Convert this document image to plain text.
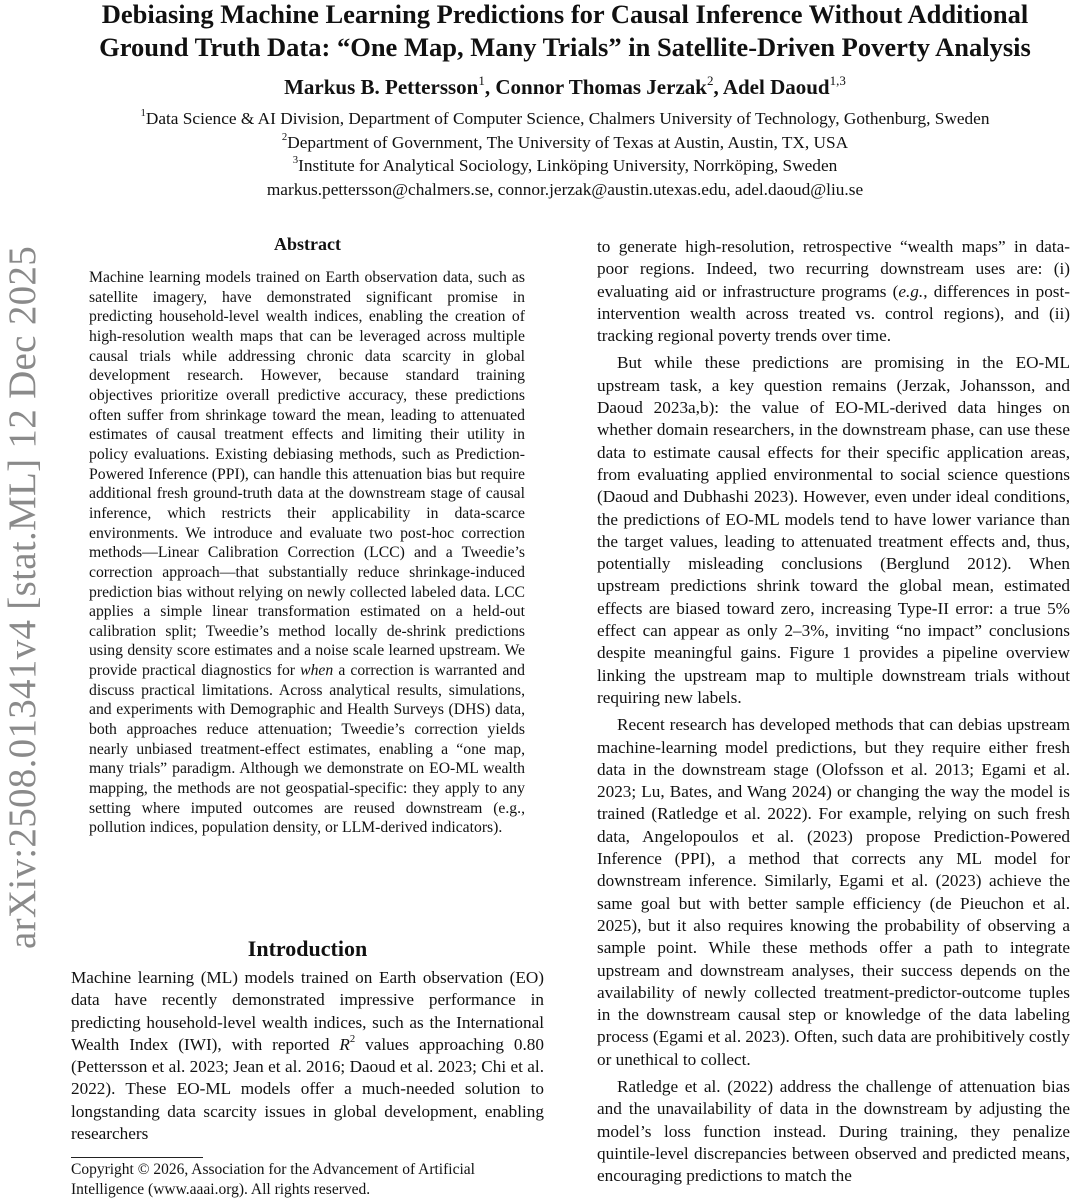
arXiv:2508.01341v4 [stat.ML] 12 Dec 2025
Debiasing Machine Learning Predictions for Causal Inference Without Additional
Ground Truth Data: “One Map, Many Trials” in Satellite-Driven Poverty Analysis
Markus B. Pettersson$^1$, Connor Thomas Jerzak$^2$, Adel Daoud$^{1,3}$
$^1$Data Science & AI Division, Department of Computer Science, Chalmers University of Technology, Gothenburg, Sweden
$^2$Department of Government, The University of Texas at Austin, Austin, TX, USA
$^3$Institute for Analytical Sociology, Linköping University, Norrköping, Sweden
markus.pettersson@chalmers.se, connor.jerzak@austin.utexas.edu, adel.daoud@liu.se
Abstract
Machine learning models trained on Earth observation data, such as satellite imagery, have demonstrated significant promise in predicting household-level wealth indices, enabling the creation of high-resolution wealth maps that can be leveraged across multiple causal trials while addressing chronic data scarcity in global development research. However, because standard training objectives prioritize overall predictive accuracy, these predictions often suffer from shrinkage toward the mean, leading to attenuated estimates of causal treatment effects and limiting their utility in policy evaluations. Existing debiasing methods, such as Prediction-Powered Inference (PPI), can handle this attenuation bias but require additional fresh ground-truth data at the downstream stage of causal inference, which restricts their applicability in data-scarce environments. We introduce and evaluate two post-hoc correction methods—Linear Calibration Correction (LCC) and a Tweedie’s correction approach—that substantially reduce shrinkage-induced prediction bias without relying on newly collected labeled data. LCC applies a simple linear transformation estimated on a held-out calibration split; Tweedie’s method locally de-shrink predictions using density score estimates and a noise scale learned upstream. We provide practical diagnostics for when a correction is warranted and discuss practical limitations. Across analytical results, simulations, and experiments with Demographic and Health Surveys (DHS) data, both approaches reduce attenuation; Tweedie’s correction yields nearly unbiased treatment-effect estimates, enabling a “one map, many trials” paradigm. Although we demonstrate on EO-ML wealth mapping, the methods are not geospatial-specific: they apply to any setting where imputed outcomes are reused downstream (e.g., pollution indices, population density, or LLM-derived indicators).
Introduction

Machine learning (ML) models trained on Earth observation (EO) data have recently demonstrated impressive performance in predicting household-level wealth indices, such as the International Wealth Index (IWI), with reported $R^2$ values approaching 0.80 (Pettersson et al. 2023; Jean et al. 2016; Daoud et al. 2023; Chi et al. 2022). These EO-ML models offer a much-needed solution to longstanding data scarcity issues in global development, enabling researchers

Copyright © 2026, Association for the Advancement of Artificial Intelligence (www.aaai.org). All rights reserved.

to generate high-resolution, retrospective “wealth maps” in data-poor regions. Indeed, two recurring downstream uses are: (i) evaluating aid or infrastructure programs (e.g., differences in post-intervention wealth across treated vs. control regions), and (ii) tracking regional poverty trends over time.

But while these predictions are promising in the EO-ML upstream task, a key question remains (Jerzak, Johansson, and Daoud 2023a,b): the value of EO-ML-derived data hinges on whether domain researchers, in the downstream phase, can use these data to estimate causal effects for their specific application areas, from evaluating applied environmental to social science questions (Daoud and Dubhashi 2023). However, even under ideal conditions, the predictions of EO-ML models tend to have lower variance than the target values, leading to attenuated treatment effects and, thus, potentially misleading conclusions (Berglund 2012). When upstream predictions shrink toward the global mean, estimated effects are biased toward zero, increasing Type-II error: a true 5% effect can appear as only 2–3%, inviting “no impact” conclusions despite meaningful gains. Figure 1 provides a pipeline overview linking the upstream map to multiple downstream trials without requiring new labels.

Recent research has developed methods that can debias upstream machine-learning model predictions, but they require either fresh data in the downstream stage (Olofsson et al. 2013; Egami et al. 2023; Lu, Bates, and Wang 2024) or changing the way the model is trained (Ratledge et al. 2022). For example, relying on such fresh data, Angelopoulos et al. (2023) propose Prediction-Powered Inference (PPI), a method that corrects any ML model for downstream inference. Similarly, Egami et al. (2023) achieve the same goal but with better sample efficiency (de Pieuchon et al. 2025), but it also requires knowing the probability of observing a sample point. While these methods offer a path to integrate upstream and downstream analyses, their success depends on the availability of newly collected treatment-predictor-outcome tuples in the downstream causal step or knowledge of the data labeling process (Egami et al. 2023). Often, such data are prohibitively costly or unethical to collect.

Ratledge et al. (2022) address the challenge of attenuation bias and the unavailability of data in the downstream by adjusting the model’s loss function instead. During training, they penalize quintile-level discrepancies between observed and predicted means, encouraging predictions to match the
